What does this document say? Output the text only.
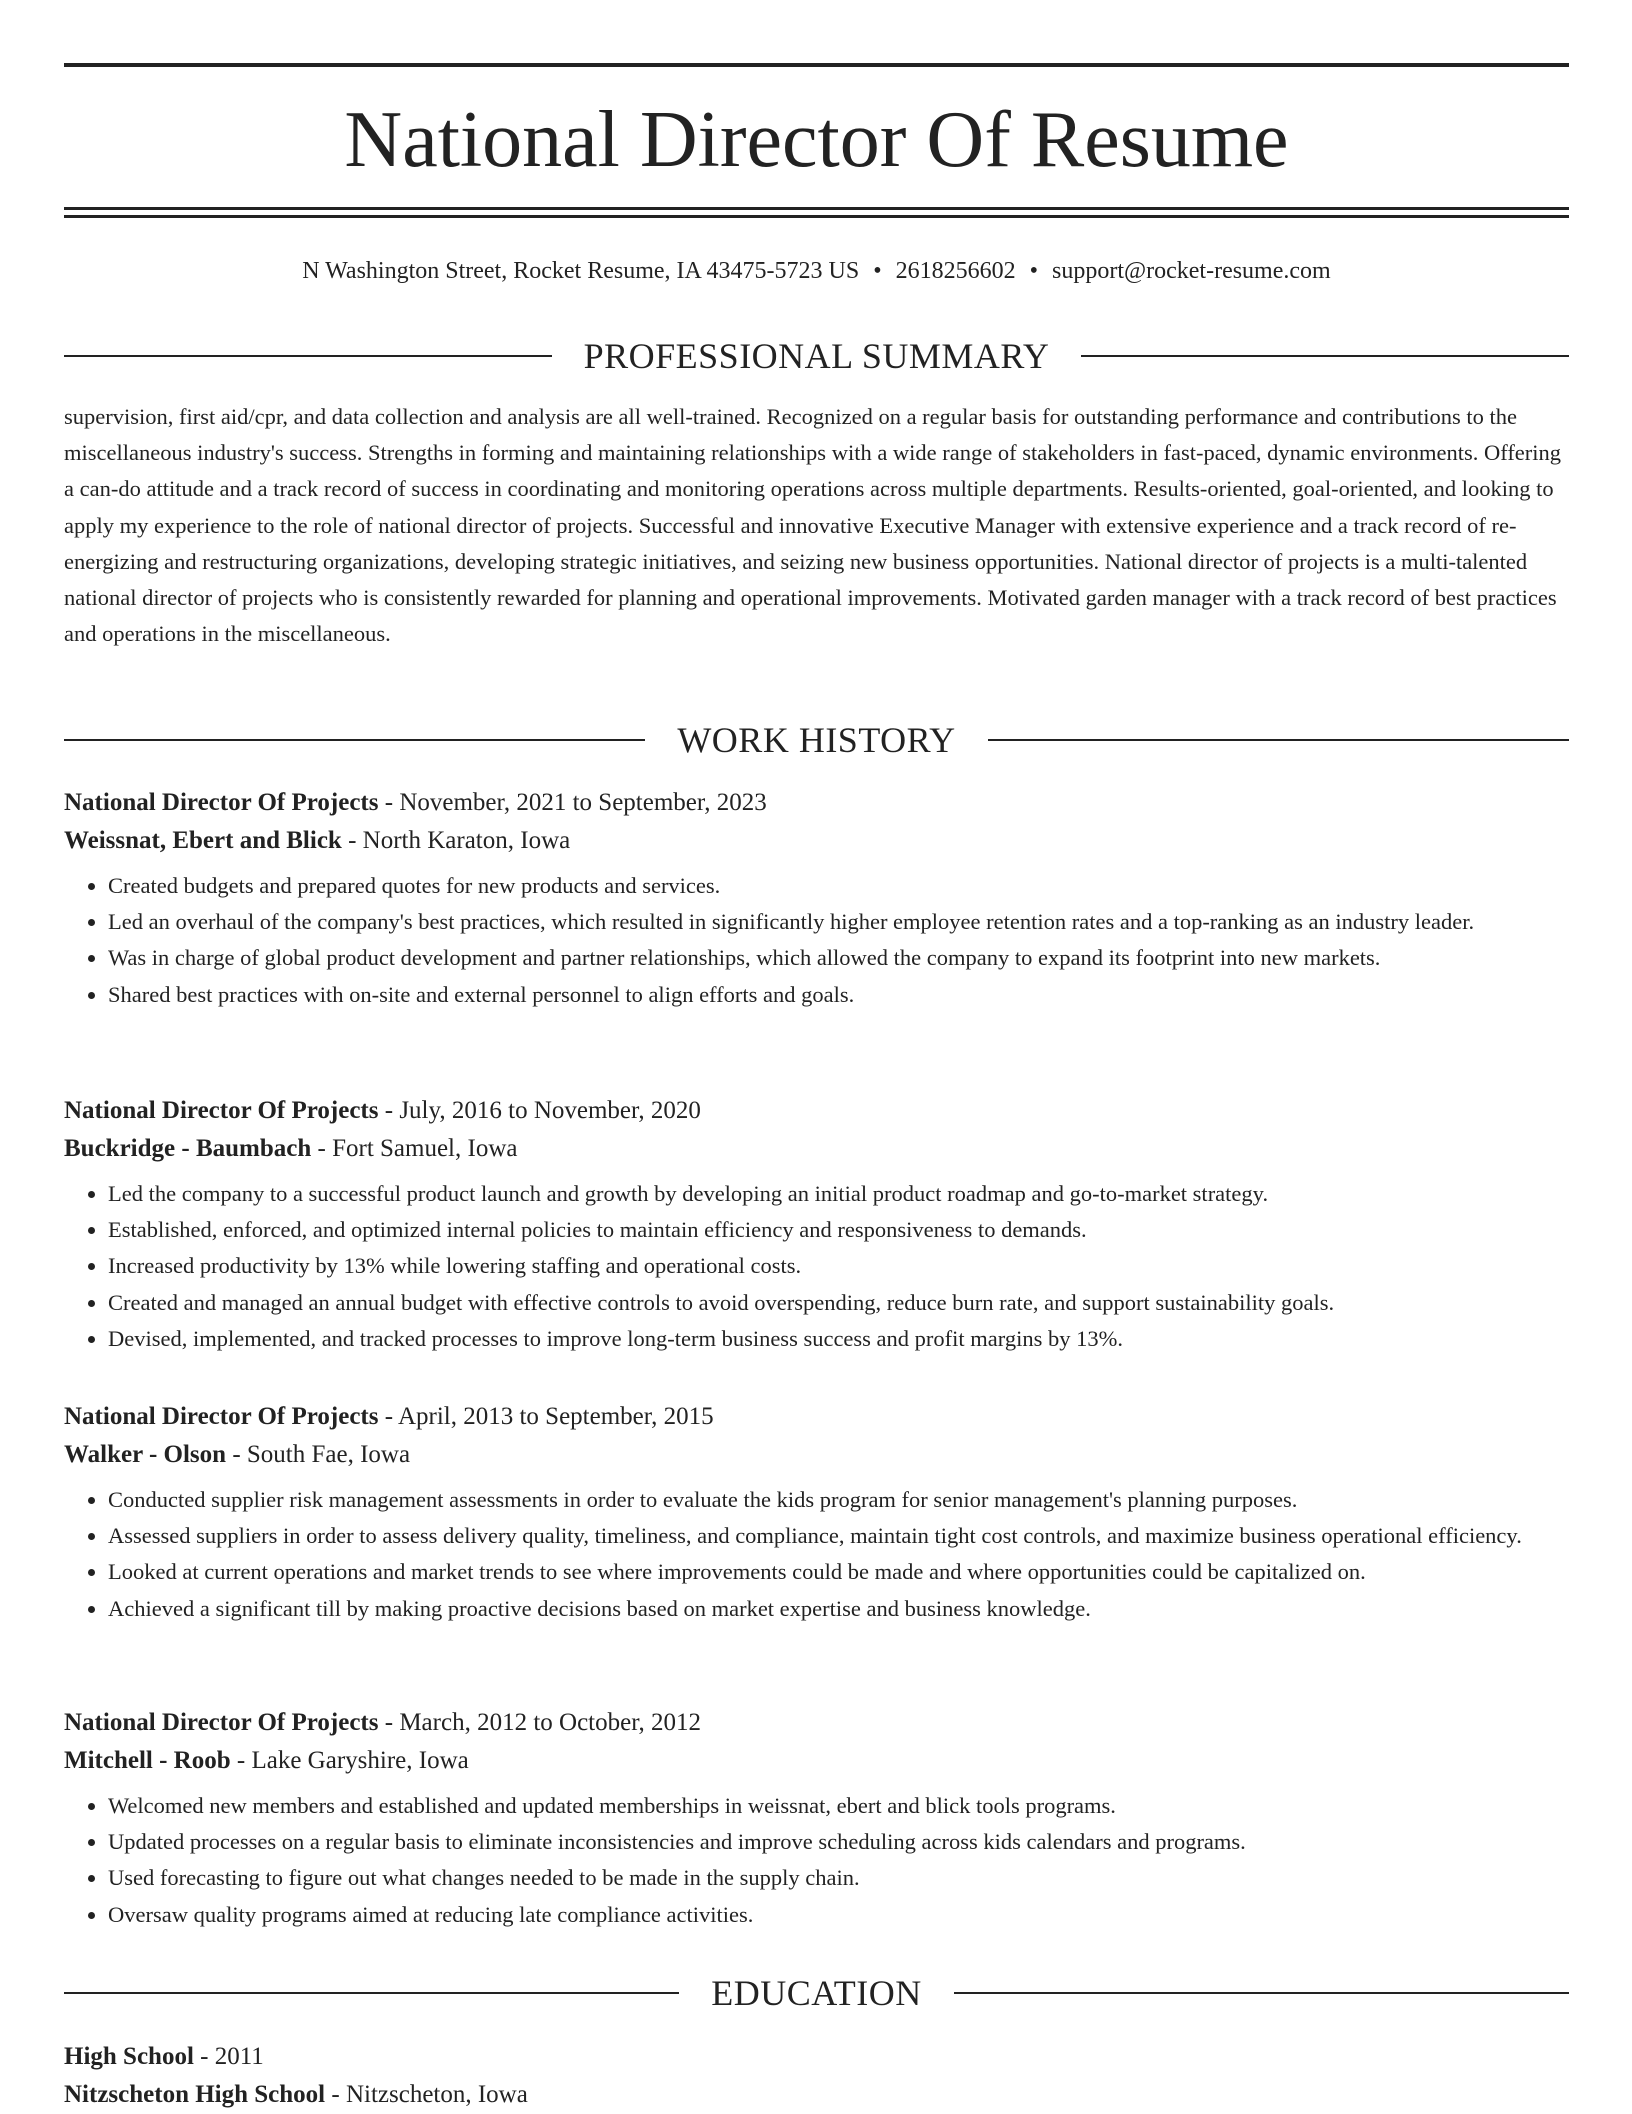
National Director Of Resume
N Washington Street, Rocket Resume, IA 43475-5723 US • 2618256602 • support@rocket-resume.com
PROFESSIONAL SUMMARY

supervision, first aid/cpr, and data collection and analysis are all well-trained. Recognized on a regular basis for outstanding performance and contributions to the miscellaneous industry's success. Strengths in forming and maintaining relationships with a wide range of stakeholders in fast-paced, dynamic environments. Offering a can-do attitude and a track record of success in coordinating and monitoring operations across multiple departments. Results-oriented, goal-oriented, and looking to apply my experience to the role of national director of projects. Successful and innovative Executive Manager with extensive experience and a track record of re-energizing and restructuring organizations, developing strategic initiatives, and seizing new business opportunities. National director of projects is a multi-talented national director of projects who is consistently rewarded for planning and operational improvements. Motivated garden manager with a track record of best practices and operations in the miscellaneous.

WORK HISTORY
National Director Of Projects - November, 2021 to September, 2023
Weissnat, Ebert and Blick - North Karaton, Iowa
• Created budgets and prepared quotes for new products and services.
• Led an overhaul of the company's best practices, which resulted in significantly higher employee retention rates and a top-ranking as an industry leader.
• Was in charge of global product development and partner relationships, which allowed the company to expand its footprint into new markets.
• Shared best practices with on-site and external personnel to align efforts and goals.
National Director Of Projects - July, 2016 to November, 2020
Buckridge - Baumbach - Fort Samuel, Iowa
• Led the company to a successful product launch and growth by developing an initial product roadmap and go-to-market strategy.
• Established, enforced, and optimized internal policies to maintain efficiency and responsiveness to demands.
• Increased productivity by 13% while lowering staffing and operational costs.
• Created and managed an annual budget with effective controls to avoid overspending, reduce burn rate, and support sustainability goals.
• Devised, implemented, and tracked processes to improve long-term business success and profit margins by 13%.
National Director Of Projects - April, 2013 to September, 2015
Walker - Olson - South Fae, Iowa
• Conducted supplier risk management assessments in order to evaluate the kids program for senior management's planning purposes.
• Assessed suppliers in order to assess delivery quality, timeliness, and compliance, maintain tight cost controls, and maximize business operational efficiency.
• Looked at current operations and market trends to see where improvements could be made and where opportunities could be capitalized on.
• Achieved a significant till by making proactive decisions based on market expertise and business knowledge.
National Director Of Projects - March, 2012 to October, 2012
Mitchell - Roob - Lake Garyshire, Iowa
• Welcomed new members and established and updated memberships in weissnat, ebert and blick tools programs.
• Updated processes on a regular basis to eliminate inconsistencies and improve scheduling across kids calendars and programs.
• Used forecasting to figure out what changes needed to be made in the supply chain.
• Oversaw quality programs aimed at reducing late compliance activities.
EDUCATION
High School - 2011
Nitzscheton High School - Nitzscheton, Iowa
